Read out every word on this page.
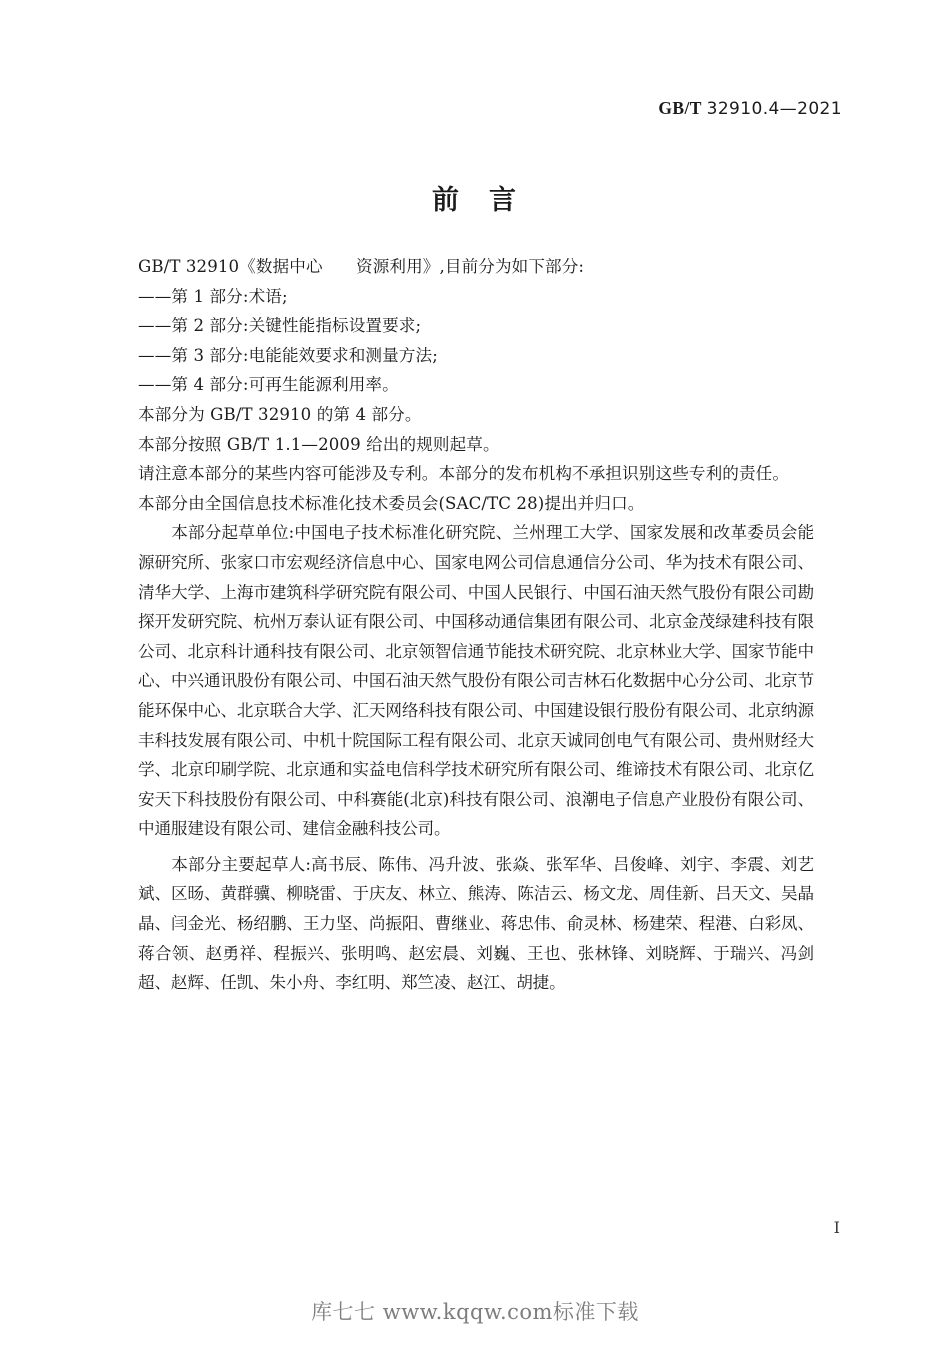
GB/T 32910.4—2021
前 言
GB/T 32910《数据中心　　资源利用》,目前分为如下部分:
——第 1 部分:术语;
——第 2 部分:关键性能指标设置要求;
——第 3 部分:电能能效要求和测量方法;
——第 4 部分:可再生能源利用率。
本部分为 GB/T 32910 的第 4 部分。
本部分按照 GB/T 1.1—2009 给出的规则起草。
请注意本部分的某些内容可能涉及专利。本部分的发布机构不承担识别这些专利的责任。
本部分由全国信息技术标准化技术委员会(SAC/TC 28)提出并归口。
本部分起草单位:中国电子技术标准化研究院、兰州理工大学、国家发展和改革委员会能源研究所、张家口市宏观经济信息中心、国家电网公司信息通信分公司、华为技术有限公司、清华大学、上海市建筑科学研究院有限公司、中国人民银行、中国石油天然气股份有限公司勘探开发研究院、杭州万泰认证有限公司、中国移动通信集团有限公司、北京金茂绿建科技有限公司、北京科计通科技有限公司、北京领智信通节能技术研究院、北京林业大学、国家节能中心、中兴通讯股份有限公司、中国石油天然气股份有限公司吉林石化数据中心分公司、北京节能环保中心、北京联合大学、汇天网络科技有限公司、中国建设银行股份有限公司、北京纳源丰科技发展有限公司、中机十院国际工程有限公司、北京天诚同创电气有限公司、贵州财经大学、北京印刷学院、北京通和实益电信科学技术研究所有限公司、维谛技术有限公司、北京亿安天下科技股份有限公司、中科赛能(北京)科技有限公司、浪潮电子信息产业股份有限公司、中通服建设有限公司、建信金融科技公司。
本部分主要起草人:高书辰、陈伟、冯升波、张焱、张军华、吕俊峰、刘宇、李震、刘艺斌、区旸、黄群骥、柳晓雷、于庆友、林立、熊涛、陈洁云、杨文龙、周佳新、吕天文、吴晶晶、闫金光、杨绍鹏、王力坚、尚振阳、曹继业、蒋忠伟、俞灵林、杨建荣、程港、白彩凤、蒋合领、赵勇祥、程振兴、张明鸣、赵宏晨、刘巍、王也、张林锋、刘晓辉、于瑞兴、冯剑超、赵辉、任凯、朱小舟、李红明、郑竺凌、赵江、胡捷。
Ⅰ
库七七 www.kqqw.com标准下载
